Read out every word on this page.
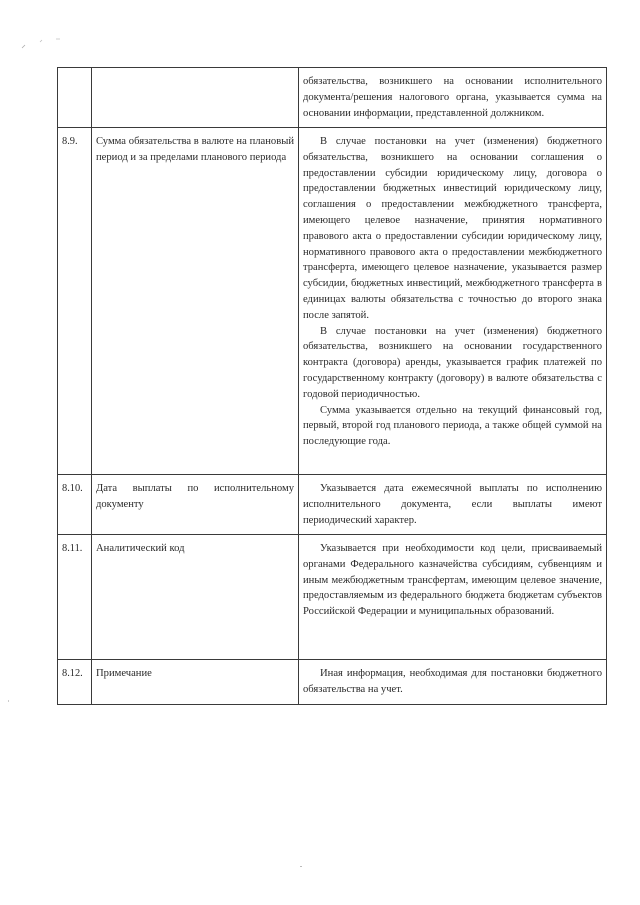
		обязательства, возникшего на основании исполнительного документа/решения налогового органа, указывается сумма на основании информации, представленной должником.

8.9.	Сумма обязательства в валюте на плановый период и за пределами планового периода	В случае постановки на учет (изменения) бюджетного обязательства, возникшего на основании соглашения о предоставлении субсидии юридическому лицу, договора о предоставлении бюджетных инвестиций юридическому лицу, соглашения о предоставлении межбюджетного трансферта, имеющего целевое назначение, принятия нормативного правового акта о предоставлении субсидии юридическому лицу, нормативного правового акта о предоставлении межбюджетного трансферта, имеющего целевое назначение, указывается размер субсидии, бюджетных инвестиций, межбюджетного трансферта в единицах валюты обязательства с точностью до второго знака после запятой.

В случае постановки на учет (изменения) бюджетного обязательства, возникшего на основании государственного контракта (договора) аренды, указывается график платежей по государственному контракту (договору) в валюте обязательства с годовой периодичностью.

Сумма указывается отдельно на текущий финансовый год, первый, второй год планового периода, а также общей суммой на последующие года.

8.10.	Дата выплаты по исполнительному документу	Указывается дата ежемесячной выплаты по исполнению исполнительного документа, если выплаты имеют периодический характер.

8.11.	Аналитический код	Указывается при необходимости код цели, присваиваемый органами Федерального казначейства субсидиям, субвенциям и иным межбюджетным трансфертам, имеющим целевое значение, предоставляемым из федерального бюджета бюджетам субъектов Российской Федерации и муниципальных образований.

8.12.	Примечание	Иная информация, необходимая для постановки бюджетного обязательства на учет.
